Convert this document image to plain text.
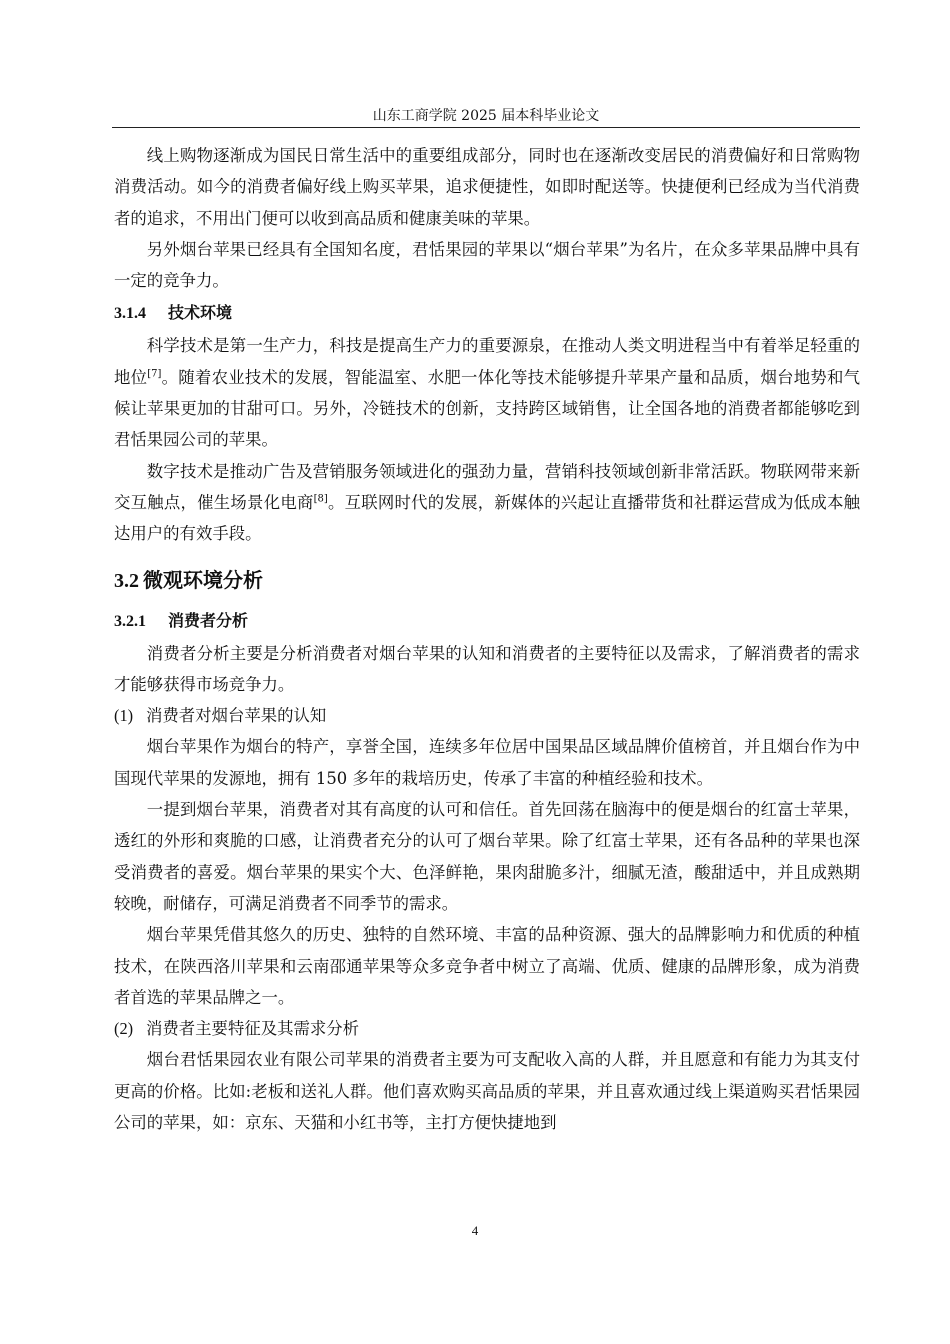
山东工商学院 2025 届本科毕业论文

线上购物逐渐成为国民日常生活中的重要组成部分，同时也在逐渐改变居民的消费偏好和日常购物消费活动。如今的消费者偏好线上购买苹果，追求便捷性，如即时配送等。快捷便利已经成为当代消费者的追求，不用出门便可以收到高品质和健康美味的苹果。

另外烟台苹果已经具有全国知名度，君恬果园的苹果以“烟台苹果”为名片，在众多苹果品牌中具有一定的竞争力。

3.1.4 技术环境

科学技术是第一生产力，科技是提高生产力的重要源泉，在推动人类文明进程当中有着举足轻重的地位[7]。随着农业技术的发展，智能温室、水肥一体化等技术能够提升苹果产量和品质，烟台地势和气候让苹果更加的甘甜可口。另外，冷链技术的创新，支持跨区域销售，让全国各地的消费者都能够吃到君恬果园公司的苹果。

数字技术是推动广告及营销服务领域进化的强劲力量，营销科技领域创新非常活跃。物联网带来新交互触点，催生场景化电商[8]。互联网时代的发展，新媒体的兴起让直播带货和社群运营成为低成本触达用户的有效手段。

3.2 微观环境分析
3.2.1 消费者分析

消费者分析主要是分析消费者对烟台苹果的认知和消费者的主要特征以及需求，了解消费者的需求才能够获得市场竞争力。

(1) 消费者对烟台苹果的认知

烟台苹果作为烟台的特产，享誉全国，连续多年位居中国果品区域品牌价值榜首，并且烟台作为中国现代苹果的发源地，拥有 150 多年的栽培历史，传承了丰富的种植经验和技术。

一提到烟台苹果，消费者对其有高度的认可和信任。首先回荡在脑海中的便是烟台的红富士苹果，透红的外形和爽脆的口感，让消费者充分的认可了烟台苹果。除了红富士苹果，还有各品种的苹果也深受消费者的喜爱。烟台苹果的果实个大、色泽鲜艳，果肉甜脆多汁，细腻无渣，酸甜适中，并且成熟期较晚，耐储存，可满足消费者不同季节的需求。

烟台苹果凭借其悠久的历史、独特的自然环境、丰富的品种资源、强大的品牌影响力和优质的种植技术，在陕西洛川苹果和云南邵通苹果等众多竞争者中树立了高端、优质、健康的品牌形象，成为消费者首选的苹果品牌之一。

(2) 消费者主要特征及其需求分析

烟台君恬果园农业有限公司苹果的消费者主要为可支配收入高的人群，并且愿意和有能力为其支付更高的价格。比如:老板和送礼人群。他们喜欢购买高品质的苹果，并且喜欢通过线上渠道购买君恬果园公司的苹果，如：京东、天猫和小红书等，主打方便快捷地到

4
